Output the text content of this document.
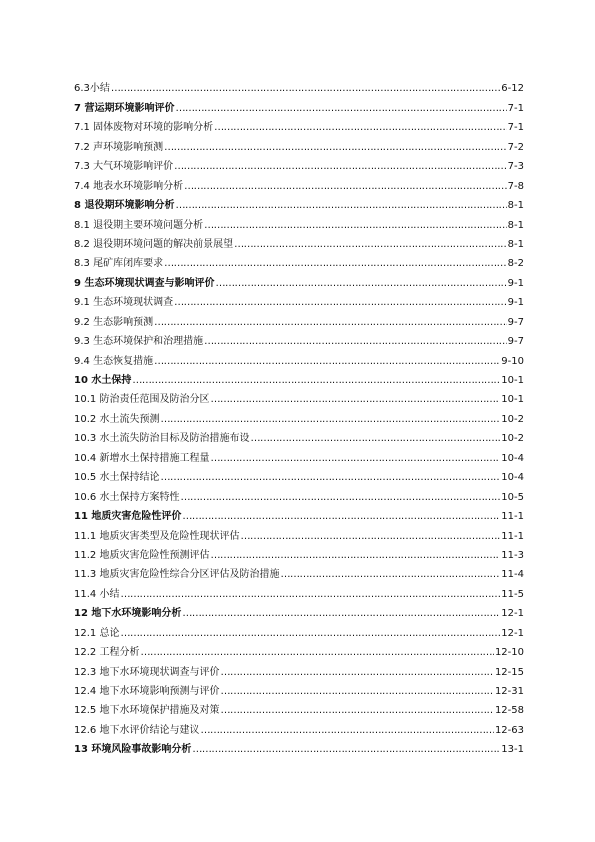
6.3小结 …………………………………………………………………………………………………………………………………………………………………………………………	6-12
7 营运期环境影响评价 …………………………………………………………………………………………………………………………………………………………………………………………	7-1
7.1 固体废物对环境的影响分析 …………………………………………………………………………………………………………………………………………………………………………………………	7-1
7.2 声环境影响预测 …………………………………………………………………………………………………………………………………………………………………………………………	7-2
7.3 大气环境影响评价 …………………………………………………………………………………………………………………………………………………………………………………………	7-3
7.4 地表水环境影响分析 …………………………………………………………………………………………………………………………………………………………………………………………	7-8
8 退役期环境影响分析 …………………………………………………………………………………………………………………………………………………………………………………………	8-1
8.1 退役期主要环境问题分析 …………………………………………………………………………………………………………………………………………………………………………………………	8-1
8.2 退役期环境问题的解决前景展望 …………………………………………………………………………………………………………………………………………………………………………………………	8-1
8.3 尾矿库闭库要求 …………………………………………………………………………………………………………………………………………………………………………………………	8-2
9 生态环境现状调查与影响评价 …………………………………………………………………………………………………………………………………………………………………………………………	9-1
9.1 生态环境现状调查 …………………………………………………………………………………………………………………………………………………………………………………………	9-1
9.2 生态影响预测 …………………………………………………………………………………………………………………………………………………………………………………………	9-7
9.3 生态环境保护和治理措施 …………………………………………………………………………………………………………………………………………………………………………………………	9-7
9.4 生态恢复措施 …………………………………………………………………………………………………………………………………………………………………………………………	9-10
10 水土保持 …………………………………………………………………………………………………………………………………………………………………………………………	10-1
10.1 防治责任范围及防治分区 …………………………………………………………………………………………………………………………………………………………………………………………	10-1
10.2 水土流失预测 …………………………………………………………………………………………………………………………………………………………………………………………	10-2
10.3 水土流失防治目标及防治措施布设 …………………………………………………………………………………………………………………………………………………………………………………………	10-2
10.4 新增水土保持措施工程量 …………………………………………………………………………………………………………………………………………………………………………………………	10-4
10.5 水土保持结论 …………………………………………………………………………………………………………………………………………………………………………………………	10-4
10.6 水土保持方案特性 …………………………………………………………………………………………………………………………………………………………………………………………	10-5
11 地质灾害危险性评价 …………………………………………………………………………………………………………………………………………………………………………………………	11-1
11.1 地质灾害类型及危险性现状评估 …………………………………………………………………………………………………………………………………………………………………………………………	11-1
11.2 地质灾害危险性预测评估 …………………………………………………………………………………………………………………………………………………………………………………………	11-3
11.3 地质灾害危险性综合分区评估及防治措施 …………………………………………………………………………………………………………………………………………………………………………………………	11-4
11.4 小结 …………………………………………………………………………………………………………………………………………………………………………………………	11-5
12 地下水环境影响分析 …………………………………………………………………………………………………………………………………………………………………………………………	12-1
12.1 总论 …………………………………………………………………………………………………………………………………………………………………………………………	12-1
12.2 工程分析 …………………………………………………………………………………………………………………………………………………………………………………………	12-10
12.3 地下水环境现状调查与评价 …………………………………………………………………………………………………………………………………………………………………………………………	12-15
12.4 地下水环境影响预测与评价 …………………………………………………………………………………………………………………………………………………………………………………………	12-31
12.5 地下水环境保护措施及对策 …………………………………………………………………………………………………………………………………………………………………………………………	12-58
12.6 地下水评价结论与建议 …………………………………………………………………………………………………………………………………………………………………………………………	12-63
13 环境风险事故影响分析 …………………………………………………………………………………………………………………………………………………………………………………………	13-1
